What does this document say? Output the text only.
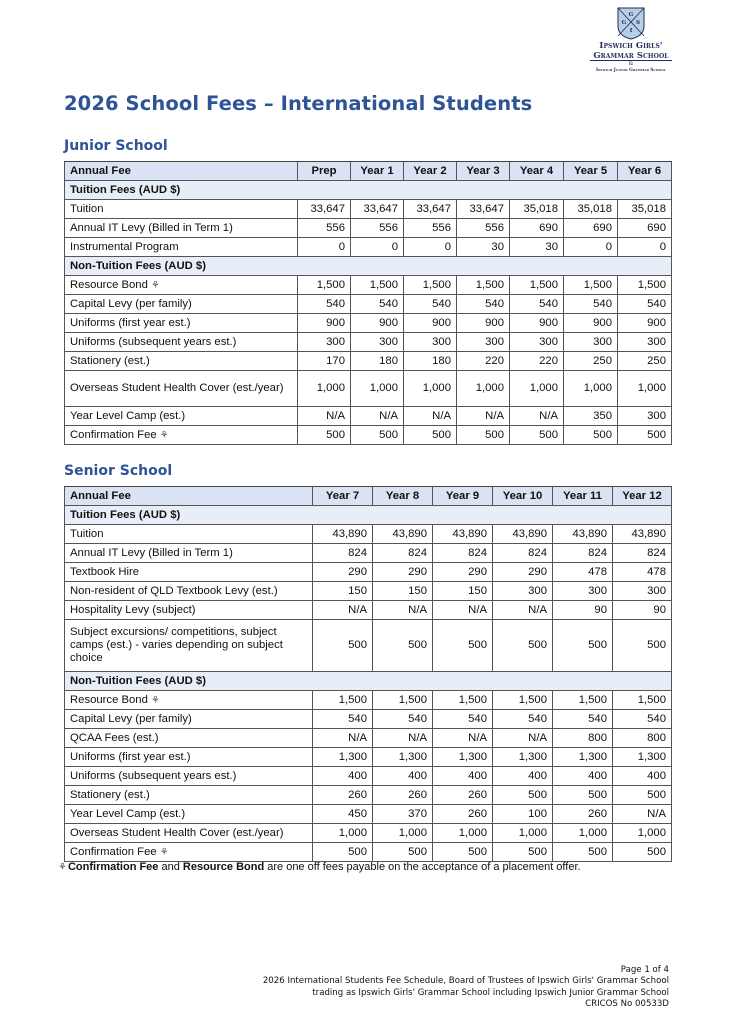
G
G S
I
Ipswich Girls'
Grammar School
&
Ipswich Junior Grammar School
2026 School Fees – International Students
Junior School
Annual Fee	Prep	Year 1	Year 2	Year 3	Year 4	Year 5	Year 6
Tuition Fees (AUD $)							
Tuition	33,647	33,647	33,647	33,647	35,018	35,018	35,018
Annual IT Levy (Billed in Term 1)	556	556	556	556	690	690	690
Instrumental Program	0	0	0	30	30	0	0
Non-Tuition Fees (AUD $)							
Resource Bond ⚘	1,500	1,500	1,500	1,500	1,500	1,500	1,500
Capital Levy (per family)	540	540	540	540	540	540	540
Uniforms (first year est.)	900	900	900	900	900	900	900
Uniforms (subsequent years est.)	300	300	300	300	300	300	300
Stationery (est.)	170	180	180	220	220	250	250
Overseas Student Health Cover (est./year)	1,000	1,000	1,000	1,000	1,000	1,000	1,000
Year Level Camp (est.)	N/A	N/A	N/A	N/A	N/A	350	300
Confirmation Fee ⚘	500	500	500	500	500	500	500
Senior School
Annual Fee	Year 7	Year 8	Year 9	Year 10	Year 11	Year 12
Tuition Fees (AUD $)						
Tuition	43,890	43,890	43,890	43,890	43,890	43,890
Annual IT Levy (Billed in Term 1)	824	824	824	824	824	824
Textbook Hire	290	290	290	290	478	478
Non-resident of QLD Textbook Levy (est.)	150	150	150	300	300	300
Hospitality Levy (subject)	N/A	N/A	N/A	N/A	90	90
Subject excursions/ competitions, subject camps (est.) - varies depending on subject choice	500	500	500	500	500	500
Non-Tuition Fees (AUD $)						
Resource Bond ⚘	1,500	1,500	1,500	1,500	1,500	1,500
Capital Levy (per family)	540	540	540	540	540	540
QCAA Fees (est.)	N/A	N/A	N/A	N/A	800	800
Uniforms (first year est.)	1,300	1,300	1,300	1,300	1,300	1,300
Uniforms (subsequent years est.)	400	400	400	400	400	400
Stationery (est.)	260	260	260	500	500	500
Year Level Camp (est.)	450	370	260	100	260	N/A
Overseas Student Health Cover (est./year)	1,000	1,000	1,000	1,000	1,000	1,000
Confirmation Fee ⚘	500	500	500	500	500	500

⚘Confirmation Fee and Resource Bond are one off fees payable on the acceptance of a placement offer.

Page 1 of 4
2026 International Students Fee Schedule, Board of Trustees of Ipswich Girls' Grammar School
trading as Ipswich Girls' Grammar School including Ipswich Junior Grammar School
CRICOS No 00533D
